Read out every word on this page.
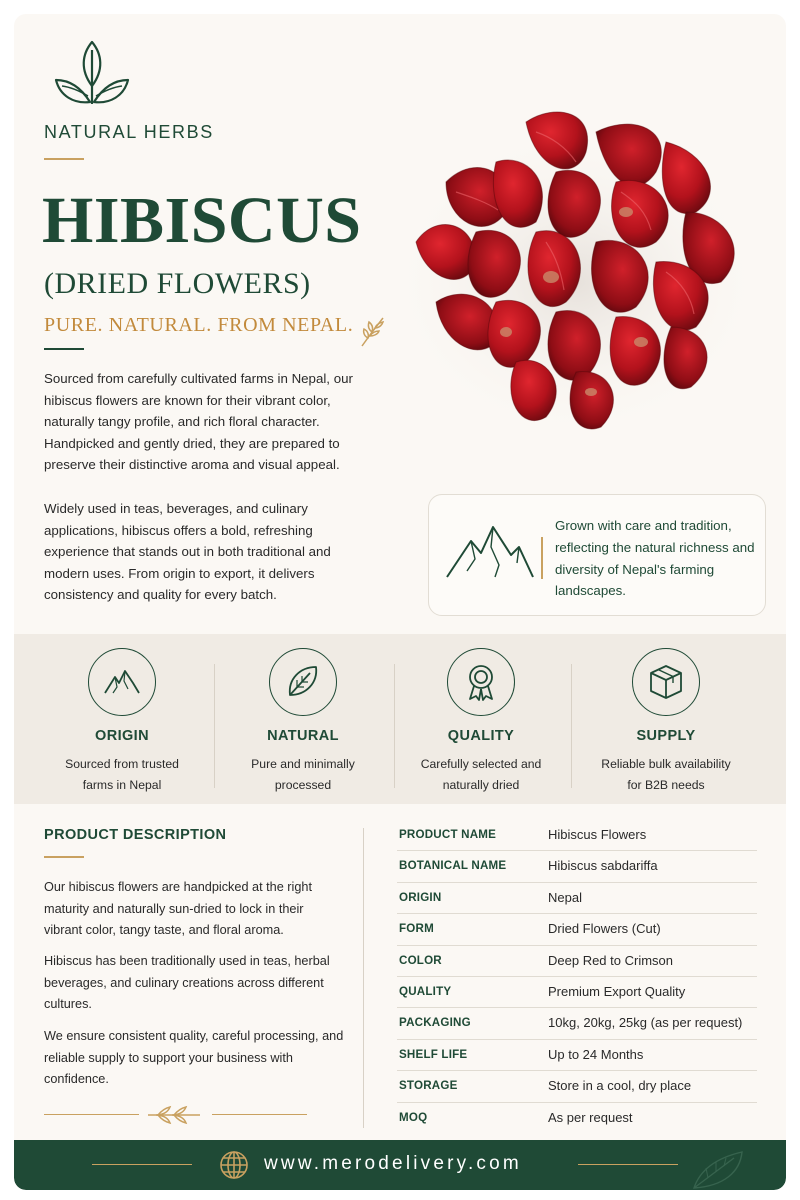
NATURAL HERBS
HIBISCUS
(DRIED FLOWERS)
PURE. NATURAL. FROM NEPAL.

Sourced from carefully cultivated farms in Nepal, our hibiscus flowers are known for their vibrant color, naturally tangy profile, and rich floral character. Handpicked and gently dried, they are prepared to preserve their distinctive aroma and visual appeal.

Widely used in teas, beverages, and culinary applications, hibiscus offers a bold, refreshing experience that stands out in both traditional and modern uses. From origin to export, it delivers consistency and quality for every batch.

Grown with care and tradition, reflecting the natural richness and diversity of Nepal's farming landscapes.

ORIGIN

Sourced from trusted
farms in Nepal

NATURAL

Pure and minimally
processed

QUALITY

Carefully selected and
naturally dried

SUPPLY

Reliable bulk availability
for B2B needs

PRODUCT DESCRIPTION

Our hibiscus flowers are handpicked at the right maturity and naturally sun-dried to lock in their vibrant color, tangy taste, and floral aroma.

Hibiscus has been traditionally used in teas, herbal beverages, and culinary creations across different cultures.

We ensure consistent quality, careful processing, and reliable supply to support your business with confidence.

PRODUCT NAME	Hibiscus Flowers
BOTANICAL NAME	Hibiscus sabdariffa
ORIGIN	Nepal
FORM	Dried Flowers (Cut)
COLOR	Deep Red to Crimson
QUALITY	Premium Export Quality
PACKAGING	10kg, 20kg, 25kg (as per request)
SHELF LIFE	Up to 24 Months
STORAGE	Store in a cool, dry place
MOQ	As per request
www.merodelivery.com
